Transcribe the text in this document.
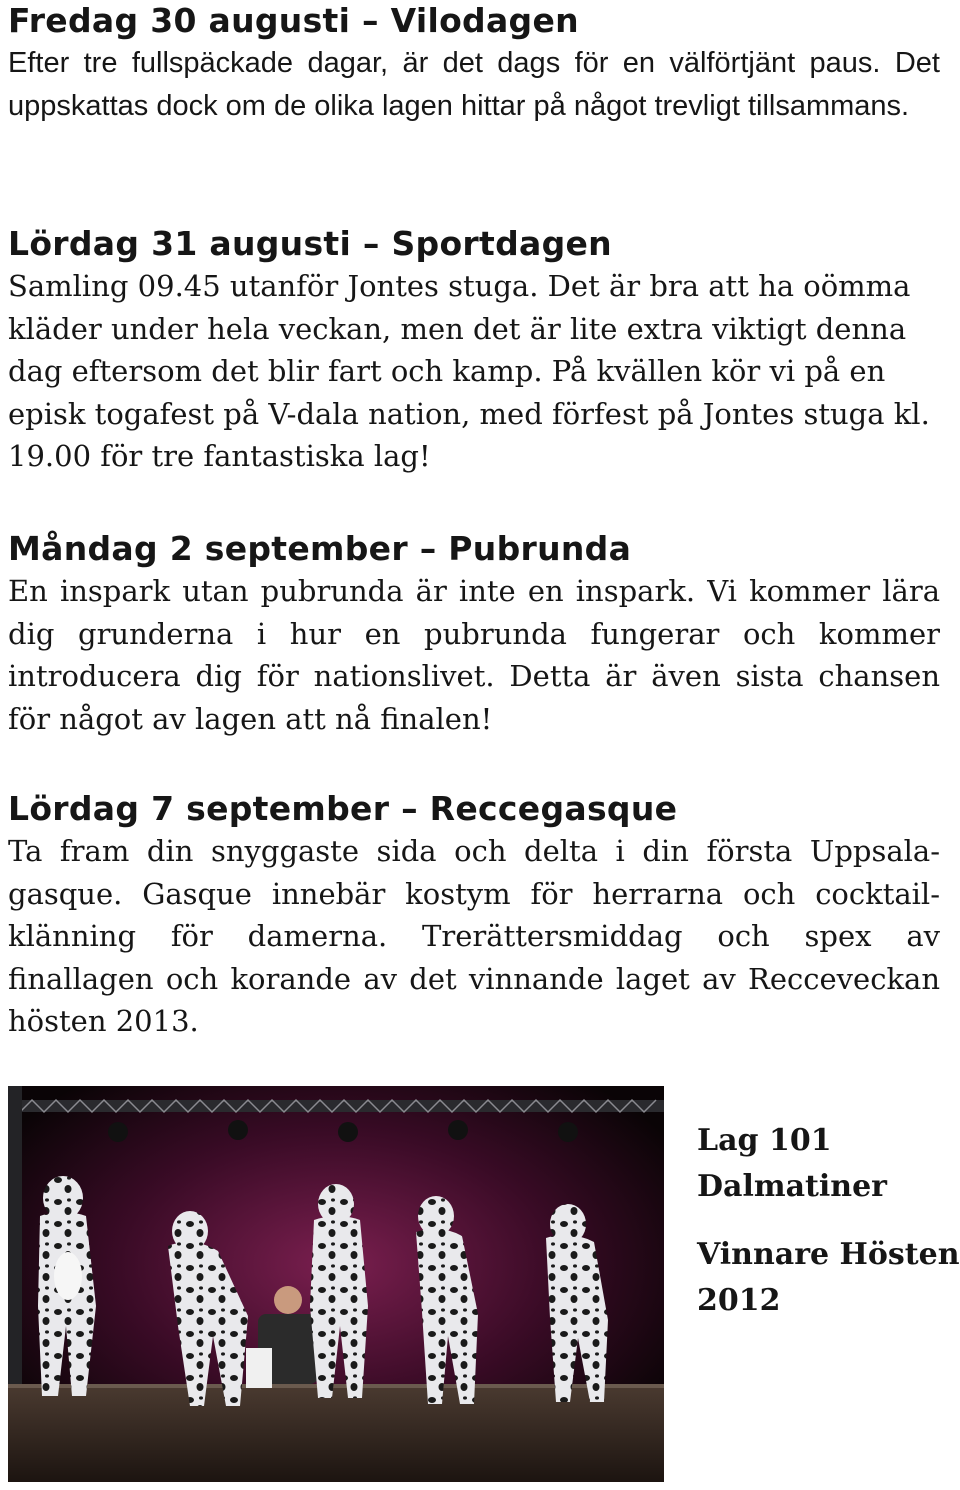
Fredag 30 augusti – Vilodagen

Efter tre fullspäckade dagar, är det dags för en välförtjänt paus. Det uppskattas dock om de olika lagen hittar på något trevligt tillsammans.

Lördag 31 augusti – Sportdagen

Samling 09.45 utanför Jontes stuga. Det är bra att ha oömma kläder under hela veckan, men det är lite extra viktigt denna dag eftersom det blir fart och kamp. På kvällen kör vi på en episk togafest på V-dala nation, med förfest på Jontes stuga kl. 19.00 för tre fantastiska lag!

Måndag 2 september – Pubrunda

En inspark utan pubrunda är inte en inspark. Vi kommer lära dig grunderna i hur en pubrunda fungerar och kommer introducera dig för nationslivet. Detta är även sista chansen för något av lagen att nå finalen!

Lördag 7 september – Reccegasque

Ta fram din snyggaste sida och delta i din första Uppsala-gasque. Gasque innebär kostym för herrarna och cocktail-klänning för damerna. Trerättersmiddag och spex av finallagen och korande av det vinnande laget av Recceveckan hösten 2013.

Lag 101
Dalmatiner
Vinnare Hösten
2012
